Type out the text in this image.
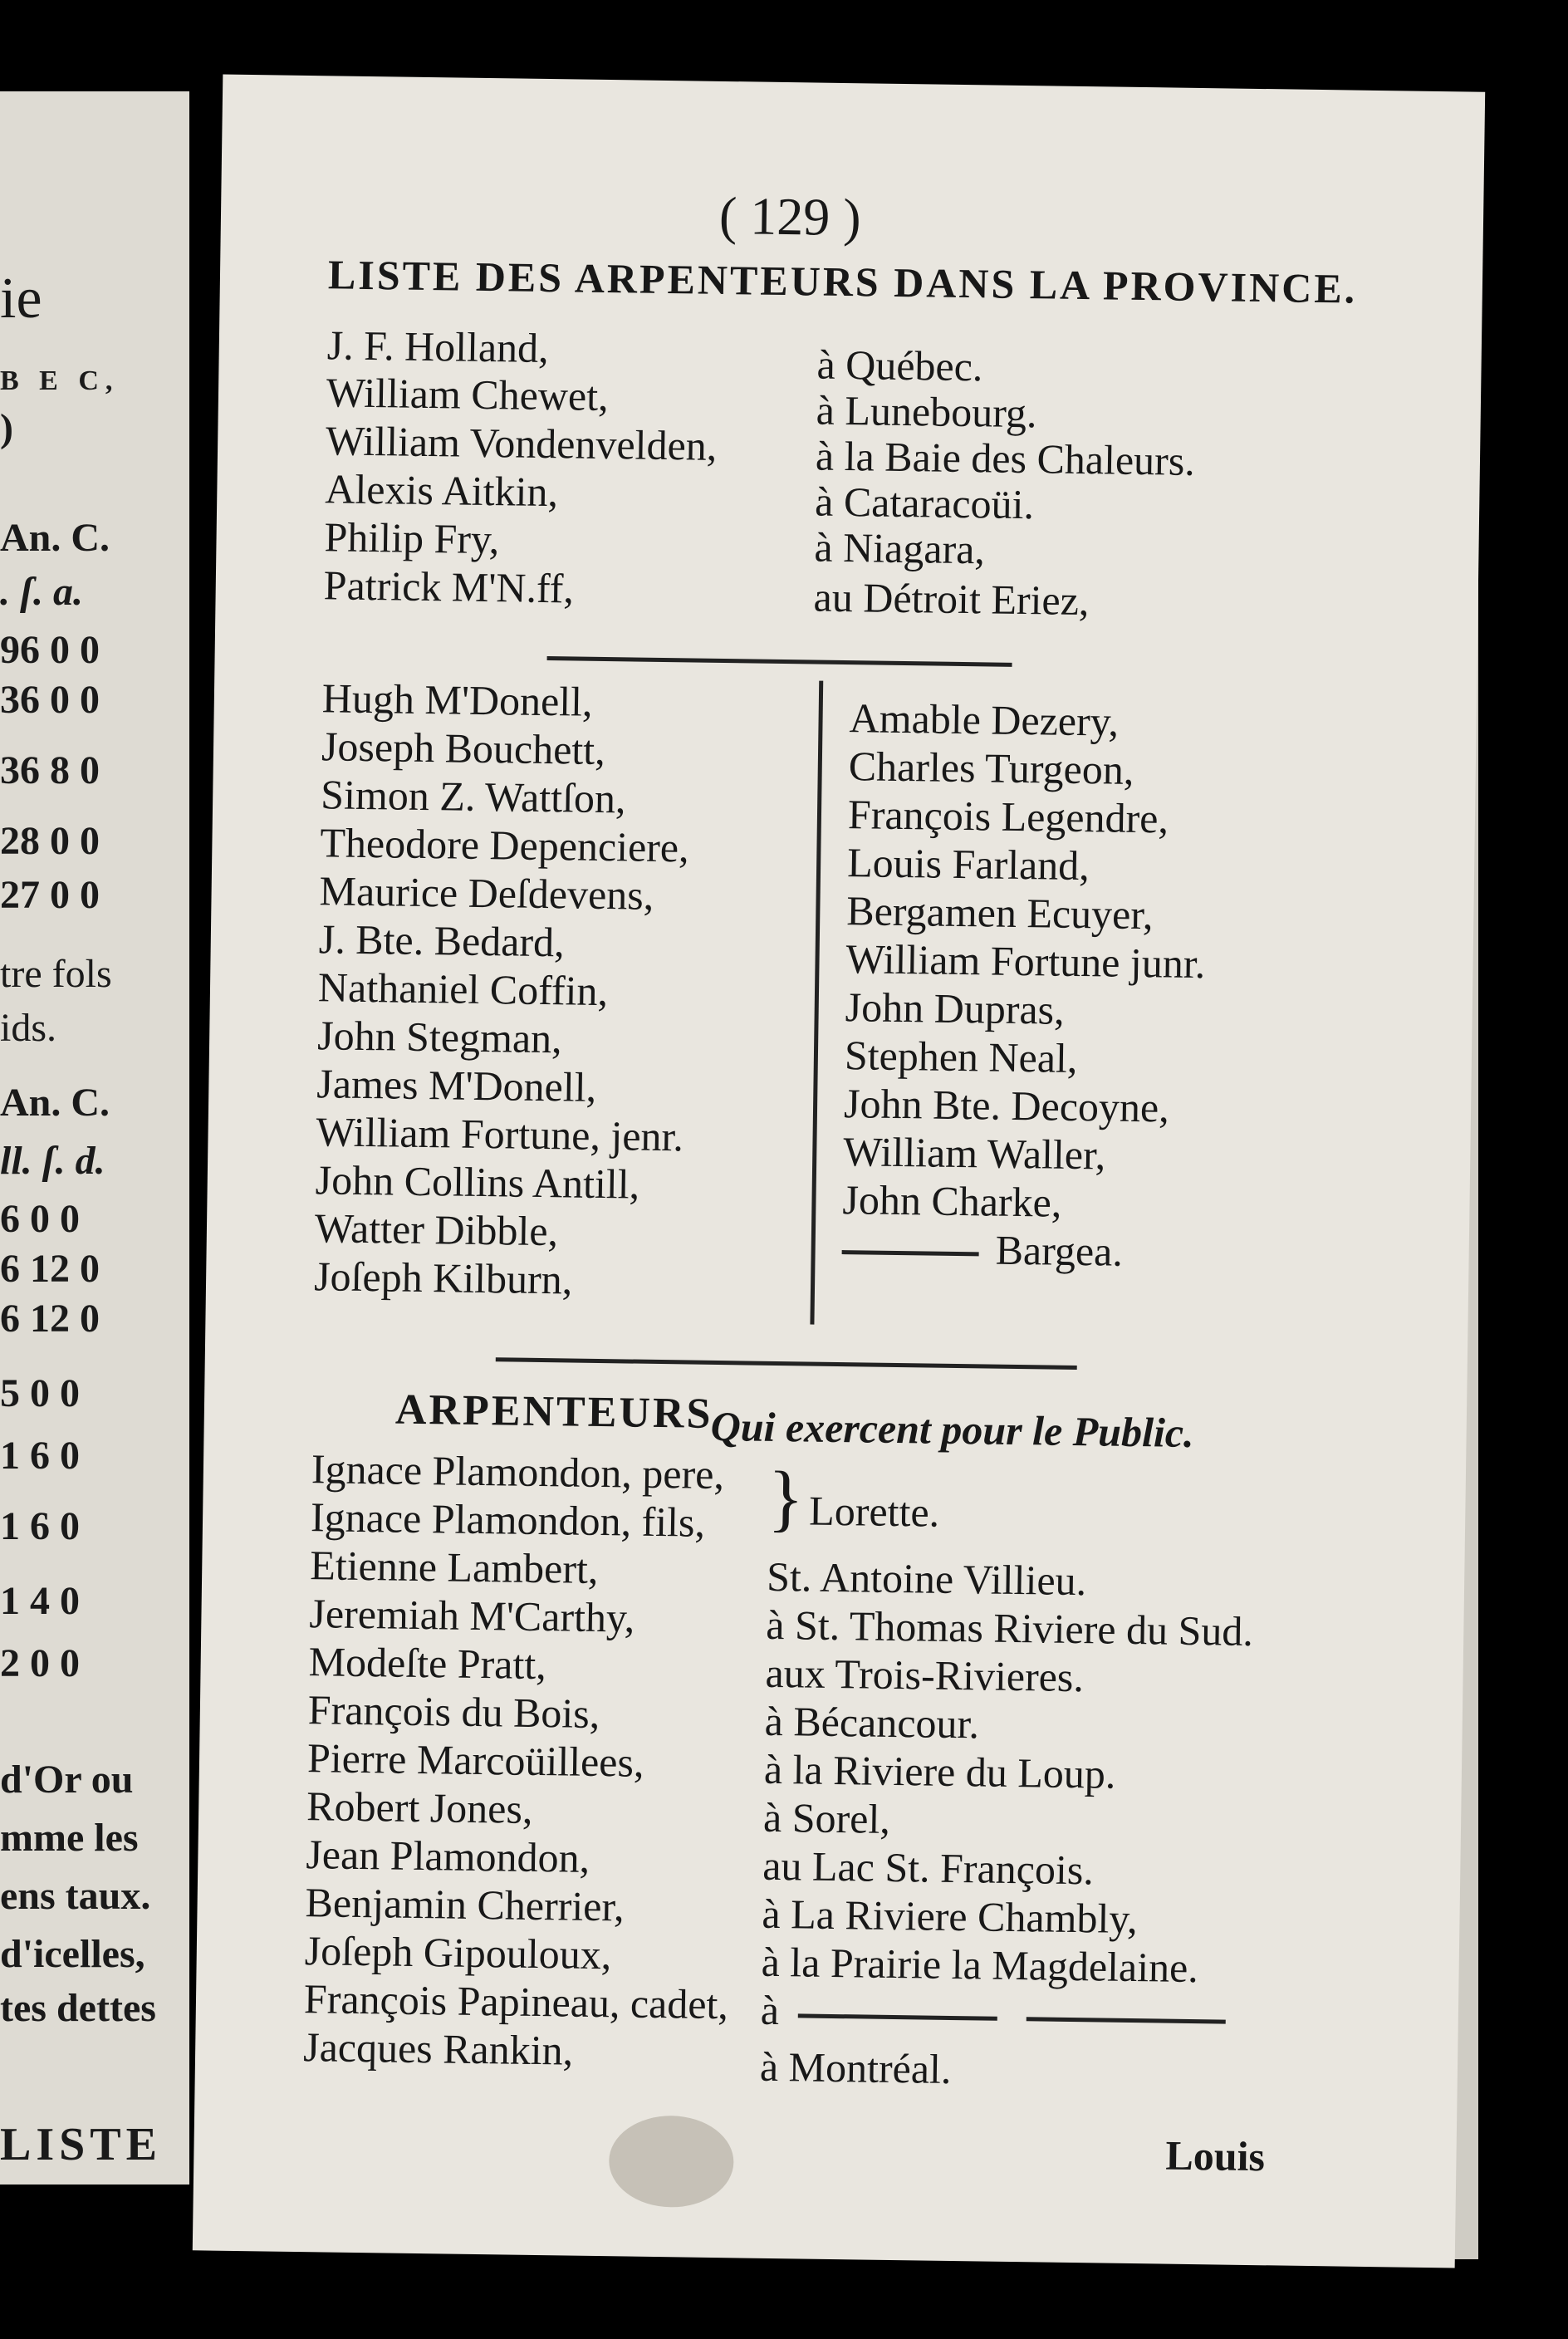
ie
B E C,
)
An. C.
. ſ. a.
96 0 0
36 0 0
36 8 0
28 0 0
27 0 0
tre fols
ids.
An. C.
ll. ſ. d.
6 0 0
6 12 0
6 12 0
5 0 0
1 6 0
1 6 0
1 4 0
2 0 0
d'Or ou
mme les
ens taux.
d'icelles,
tes dettes
LISTE
( 129 )
LISTE DES ARPENTEURS DANS LA PROVINCE.
J. F. Holland,	à Québec.
William Chewet,	à Lunebourg.
William Vondenvelden, à la Baie des Chaleurs.
Alexis Aitkin,	à Cataracoüi.
Philip Fry,	à Niagara,
Patrick M'N.ff,	au Détroit Eriez,
Hugh M'Donell,
Joseph Bouchett,
Simon Z. Wattſon,
Theodore Depenciere,
Maurice Deſdevens,
J. Bte. Bedard,
Nathaniel Coffin,
John Stegman,
James M'Donell,
William Fortune, jenr.
John Collins Antill,
Watter Dibble,
Joſeph Kilburn,
Amable Dezery,
Charles Turgeon,
François Legendre,
Louis Farland,
Bergamen Ecuyer,
William Fortune junr.
John Dupras,
Stephen Neal,
John Bte. Decoyne,
William Waller,
John Charke,
Bargea.
ARPENTEURS
Qui exercent pour le Public.
}
Ignace Plamondon, pere,
Lorette.
Ignace Plamondon, fils,
Etienne Lambert,	St. Antoine Villieu.
Jeremiah M'Carthy,	à St. Thomas Riviere du Sud.
Modeſte Pratt,	aux Trois-Rivieres.
François du Bois,	à Bécancour.
Pierre Marcoüillees,	à la Riviere du Loup.
Robert Jones,	à Sorel,
Jean Plamondon,	au Lac St. François.
Benjamin Cherrier,	à La Riviere Chambly,
Joſeph Gipouloux,	à la Prairie la Magdelaine.
François Papineau, cadet, à
Jacques Rankin,	à Montréal.
Louis
